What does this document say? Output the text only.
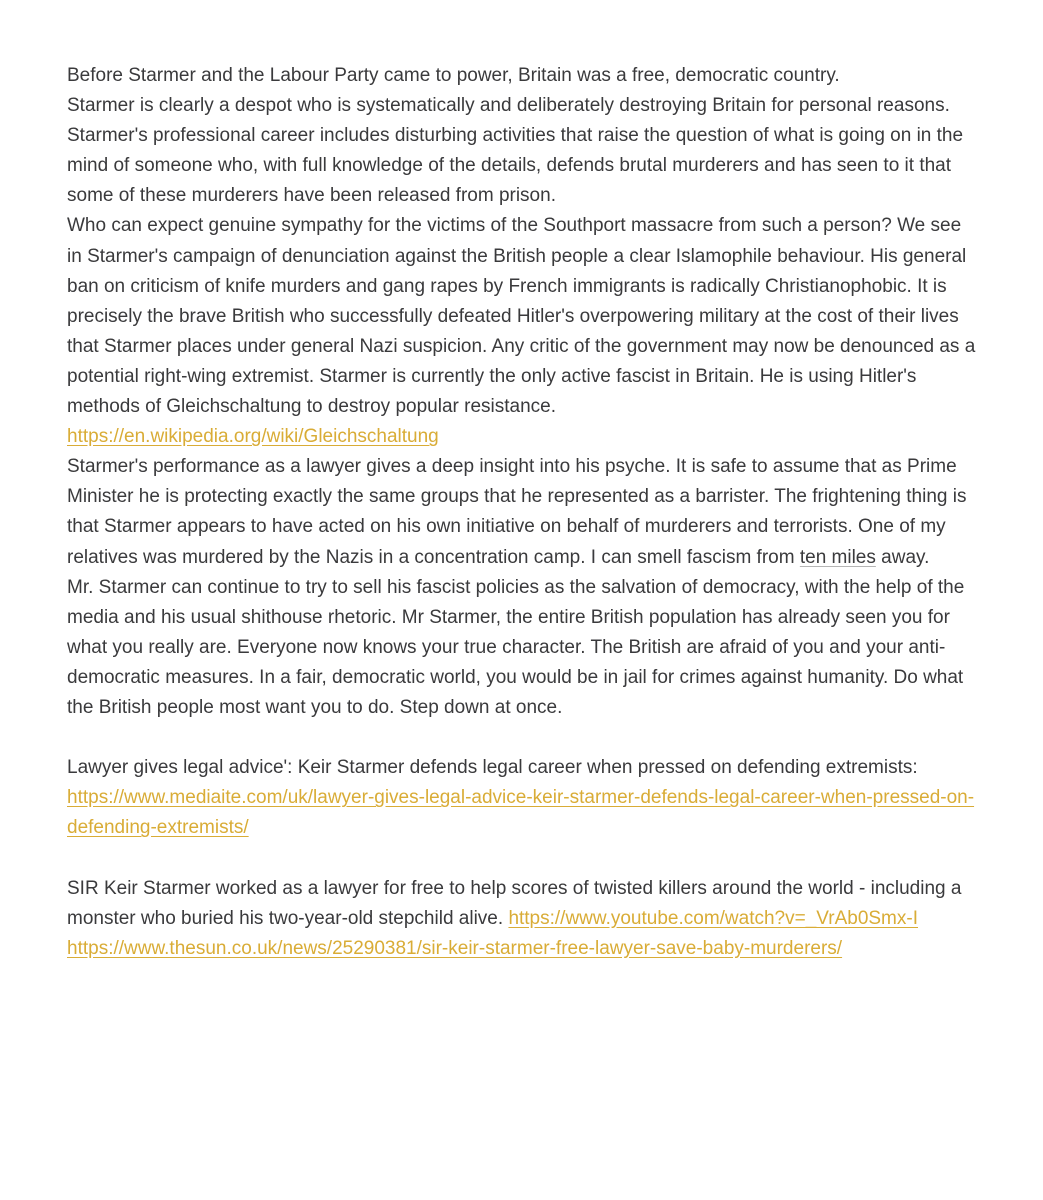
Before Starmer and the Labour Party came to power, Britain was a free, democratic country.

Starmer is clearly a despot who is systematically and deliberately destroying Britain for personal reasons. Starmer's professional career includes disturbing activities that raise the question of what is going on in the mind of someone who, with full knowledge of the details, defends brutal murderers and has seen to it that some of these murderers have been released from prison.

Who can expect genuine sympathy for the victims of the Southport massacre from such a person? We see in Starmer's campaign of denunciation against the British people a clear Islamophile behaviour. His general ban on criticism of knife murders and gang rapes by French immigrants is radically Christianophobic. It is precisely the brave British who successfully defeated Hitler's overpowering military at the cost of their lives that Starmer places under general Nazi suspicion. Any critic of the government may now be denounced as a potential right-wing extremist. Starmer is currently the only active fascist in Britain. He is using Hitler's methods of Gleichschaltung to destroy popular resistance.
https://en.wikipedia.org/wiki/Gleichschaltung

Starmer's performance as a lawyer gives a deep insight into his psyche. It is safe to assume that as Prime Minister he is protecting exactly the same groups that he represented as a barrister. The frightening thing is that Starmer appears to have acted on his own initiative on behalf of murderers and terrorists. One of my relatives was murdered by the Nazis in a concentration camp. I can smell fascism from ten miles away.

Mr. Starmer can continue to try to sell his fascist policies as the salvation of democracy, with the help of the media and his usual shithouse rhetoric. Mr Starmer, the entire British population has already seen you for what you really are. Everyone now knows your true character. The British are afraid of you and your anti-democratic measures. In a fair, democratic world, you would be in jail for crimes against humanity. Do what the British people most want you to do. Step down at once.

Lawyer gives legal advice': Keir Starmer defends legal career when pressed on defending extremists:
https://www.mediaite.com/uk/lawyer-gives-legal-advice-keir-starmer-defends-legal-career-when-pressed-on-defending-extremists/

SIR Keir Starmer worked as a lawyer for free to help scores of twisted killers around the world - including a monster who buried his two-year-old stepchild alive. https://www.youtube.com/watch?v=_VrAb0Smx-I
https://www.thesun.co.uk/news/25290381/sir-keir-starmer-free-lawyer-save-baby-murderers/
